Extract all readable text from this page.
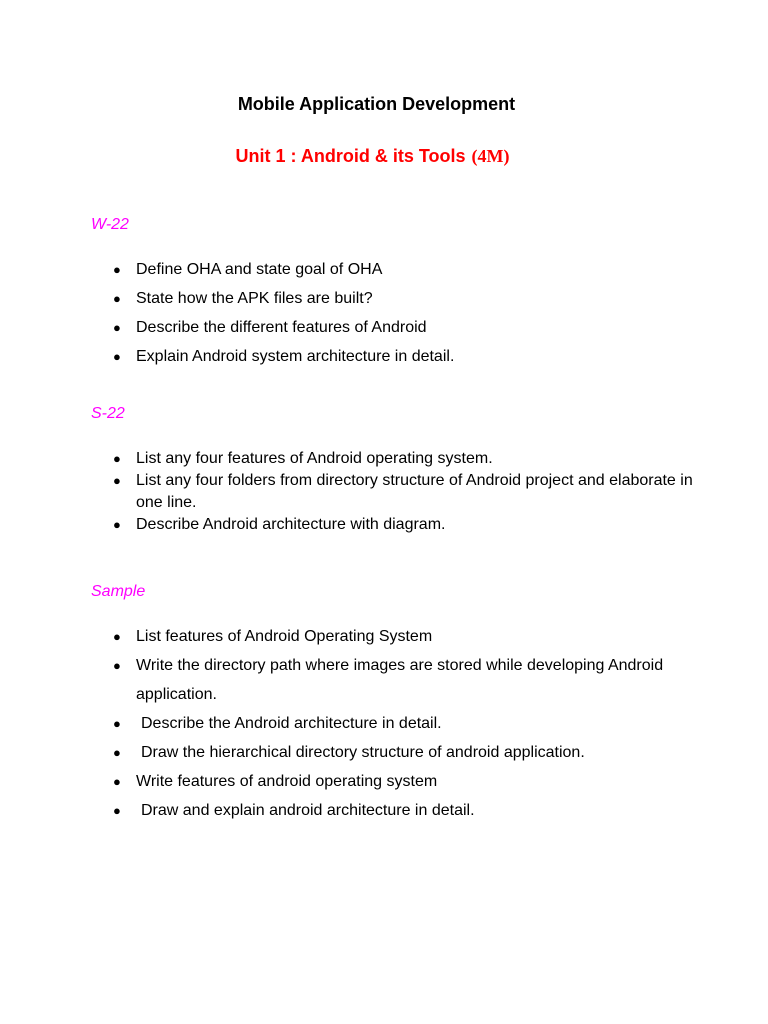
Mobile Application Development
Unit 1 : Android & its Tools (4M)

W-22

● Define OHA and state goal of OHA
● State how the APK files are built?
● Describe the different features of Android
● Explain Android system architecture in detail.

S-22

● List any four features of Android operating system.
● List any four folders from directory structure of Android project and elaborate in one line.
● Describe Android architecture with diagram.

Sample

● List features of Android Operating System
● Write the directory path where images are stored while developing Android application.
● Describe the Android architecture in detail.
● Draw the hierarchical directory structure of android application.
● Write features of android operating system
● Draw and explain android architecture in detail.
